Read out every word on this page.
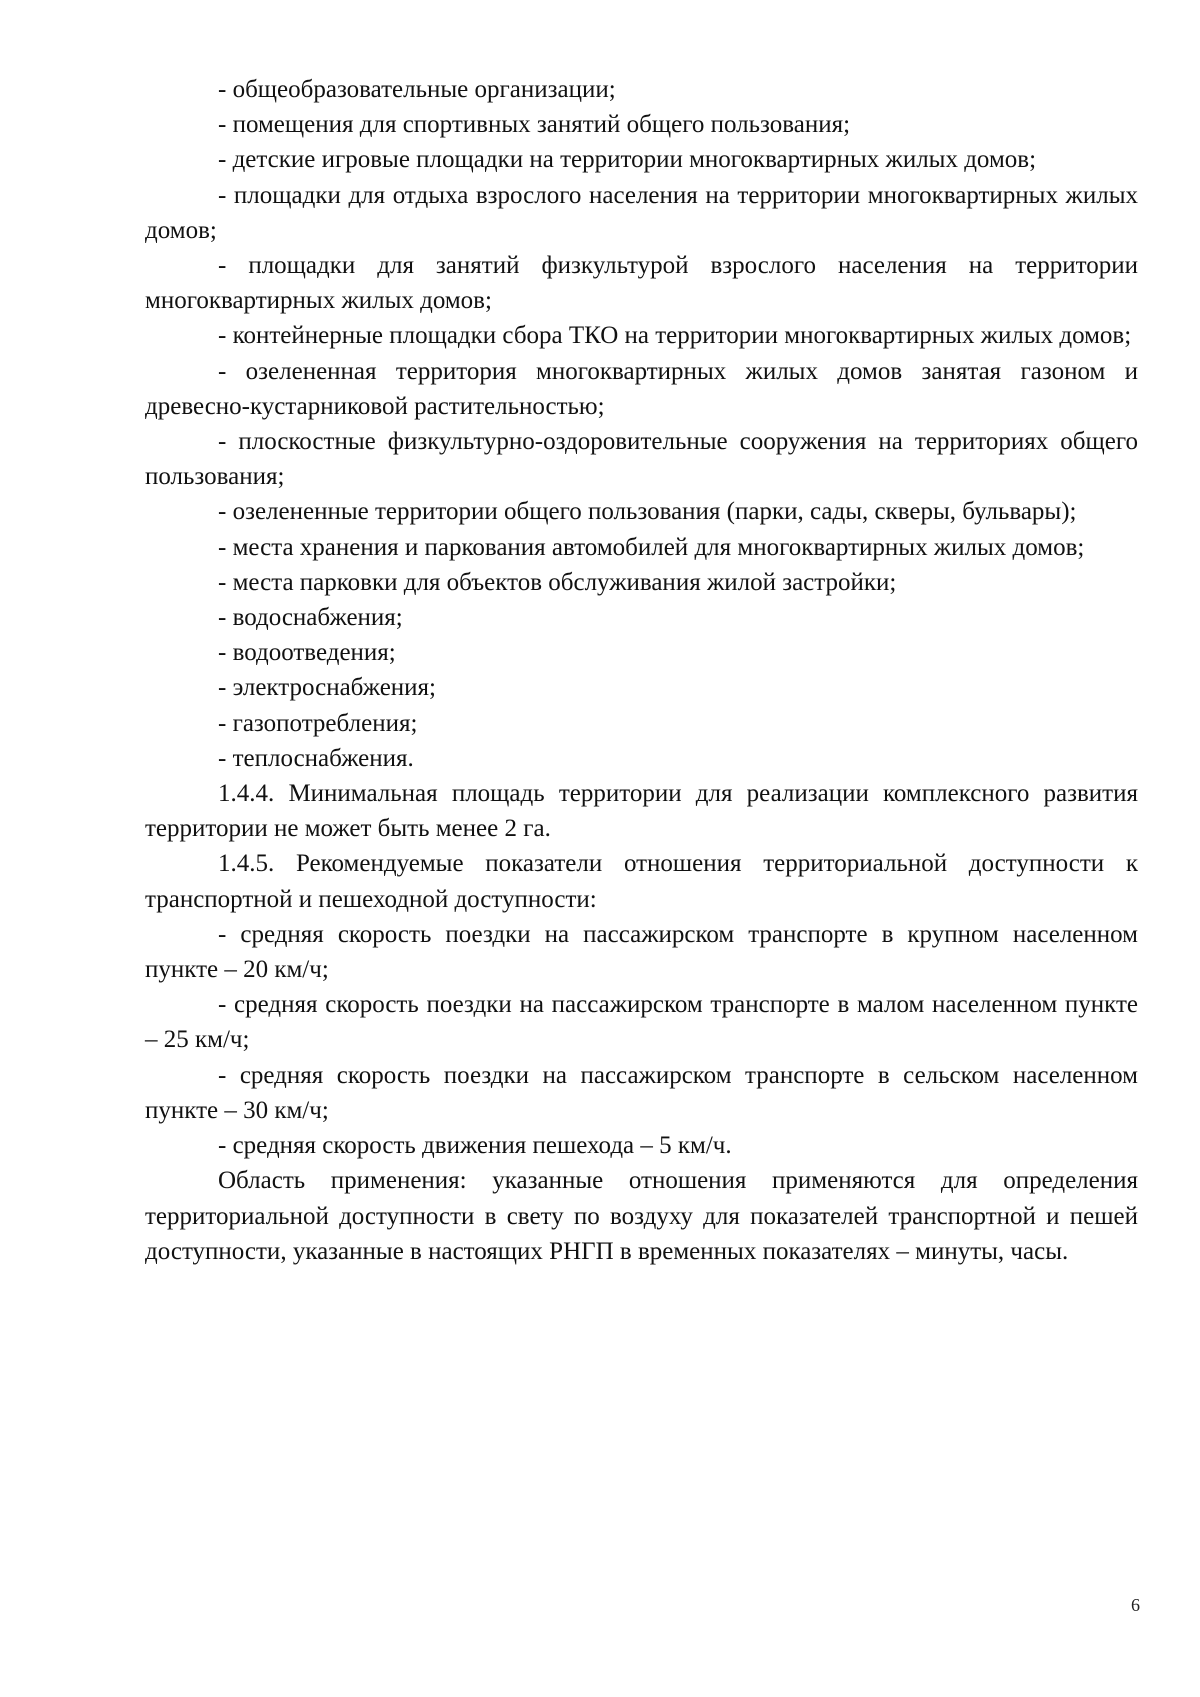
- общеобразовательные организации;

- помещения для спортивных занятий общего пользования;

- детские игровые площадки на территории многоквартирных жилых домов;

- площадки для отдыха взрослого населения на территории многоквартирных жилых домов;

- площадки для занятий физкультурой взрослого населения на территории многоквартирных жилых домов;

- контейнерные площадки сбора ТКО на территории многоквартирных жилых домов;

- озелененная территория многоквартирных жилых домов занятая газоном и древесно-кустарниковой растительностью;

- плоскостные физкультурно-оздоровительные сооружения на территориях общего пользования;

- озелененные территории общего пользования (парки, сады, скверы, бульвары);

- места хранения и паркования автомобилей для многоквартирных жилых домов;

- места парковки для объектов обслуживания жилой застройки;

- водоснабжения;

- водоотведения;

- электроснабжения;

- газопотребления;

- теплоснабжения.

1.4.4. Минимальная площадь территории для реализации комплексного развития территории не может быть менее 2 га.

1.4.5. Рекомендуемые показатели отношения территориальной доступности к транспортной и пешеходной доступности:

- средняя скорость поездки на пассажирском транспорте в крупном населенном пункте – 20 км/ч;

- средняя скорость поездки на пассажирском транспорте в малом населенном пункте – 25 км/ч;

- средняя скорость поездки на пассажирском транспорте в сельском населенном пункте – 30 км/ч;

- средняя скорость движения пешехода – 5 км/ч.

Область применения: указанные отношения применяются для определения территориальной доступности в свету по воздуху для показателей транспортной и пешей доступности, указанные в настоящих РНГП в временных показателях – минуты, часы.

6
